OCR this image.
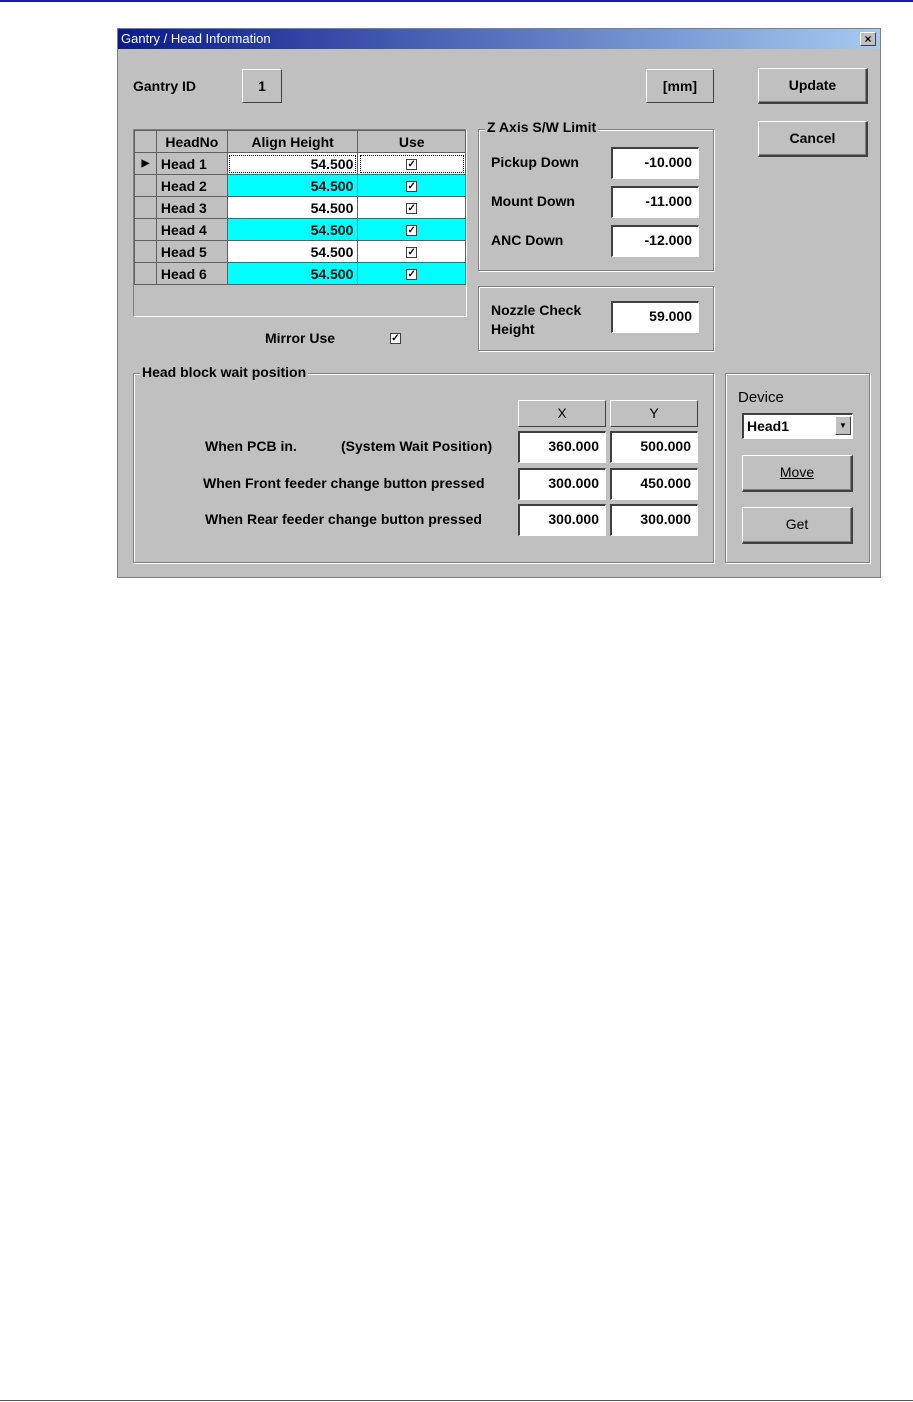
Gantry / Head Information	×
Gantry ID	1	[mm]	Update
Cancel
	HeadNo	Align Height	Use
▶	Head 1	54.500	✓
	Head 2	54.500	✓
	Head 3	54.500	✓
	Head 4	54.500	✓
	Head 5	54.500	✓
	Head 6	54.500	✓
Mirror Use	✓
Z Axis S/W Limit
Pickup Down	-10.000
Mount Down	-11.000
ANC Down	-12.000
Nozzle Check
Height
59.000
Head block wait position
X	Y
When PCB in.	(System Wait Position)	360.000	500.000
When Front feeder change button pressed	300.000	450.000
When Rear feeder change button pressed	300.000	300.000
Device
Head1	▼
Move
Get
